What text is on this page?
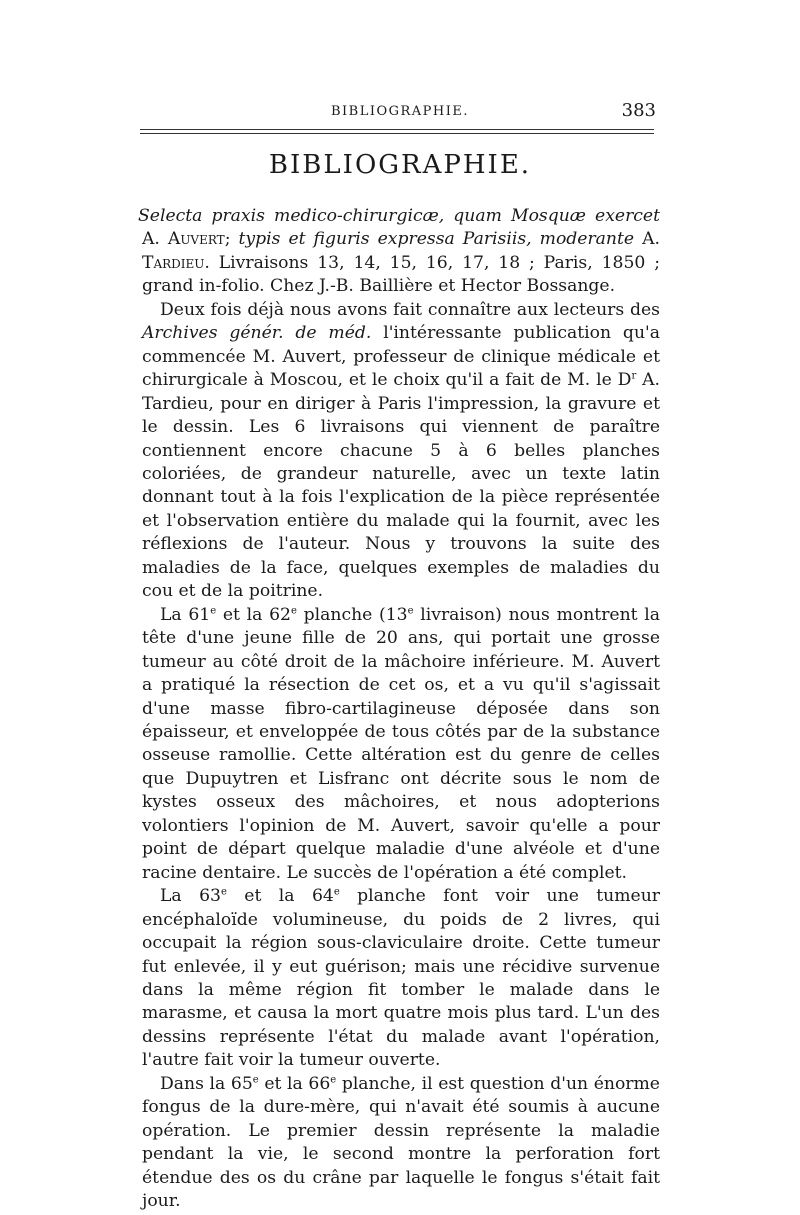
BIBLIOGRAPHIE.	383
BIBLIOGRAPHIE.

Selecta praxis medico-chirurgicæ, quam Mosquæ exercet A. Auvert; typis et figuris expressa Parisiis, moderante A. Tardieu. Livraisons 13, 14, 15, 16, 17, 18 ; Paris, 1850 ; grand in-folio. Chez J.-B. Baillière et Hector Bossange.

Deux fois déjà nous avons fait connaître aux lecteurs des Archives génér. de méd. l'intéressante publication qu'a commencée M. Auvert, professeur de clinique médicale et chirurgicale à Moscou, et le choix qu'il a fait de M. le $D^r$ A. Tardieu, pour en diriger à Paris l'impression, la gravure et le dessin. Les 6 livraisons qui viennent de paraître contiennent encore chacune 5 à 6 belles planches coloriées, de grandeur naturelle, avec un texte latin donnant tout à la fois l'explication de la pièce représentée et l'observation entière du malade qui la fournit, avec les réflexions de l'auteur. Nous y trouvons la suite des maladies de la face, quelques exemples de maladies du cou et de la poitrine.

La 61e et la 62e planche (13e livraison) nous montrent la tête d'une jeune fille de 20 ans, qui portait une grosse tumeur au côté droit de la mâchoire inférieure. M. Auvert a pratiqué la résection de cet os, et a vu qu'il s'agissait d'une masse fibro-cartilagineuse déposée dans son épaisseur, et enveloppée de tous côtés par de la substance osseuse ramollie. Cette altération est du genre de celles que Dupuytren et Lisfranc ont décrite sous le nom de kystes osseux des mâchoires, et nous adopterions volontiers l'opinion de M. Auvert, savoir qu'elle a pour point de départ quelque maladie d'une alvéole et d'une racine dentaire. Le succès de l'opération a été complet.

La 63e et la 64e planche font voir une tumeur encéphaloïde volumineuse, du poids de 2 livres, qui occupait la région sous-claviculaire droite. Cette tumeur fut enlevée, il y eut guérison; mais une récidive survenue dans la même région fit tomber le malade dans le marasme, et causa la mort quatre mois plus tard. L'un des dessins représente l'état du malade avant l'opération, l'autre fait voir la tumeur ouverte.

Dans la 65e et la 66e planche, il est question d'un énorme fongus de la dure-mère, qui n'avait été soumis à aucune opération. Le premier dessin représente la maladie pendant la vie, le second montre la perforation fort étendue des os du crâne par laquelle le fongus s'était fait jour.
